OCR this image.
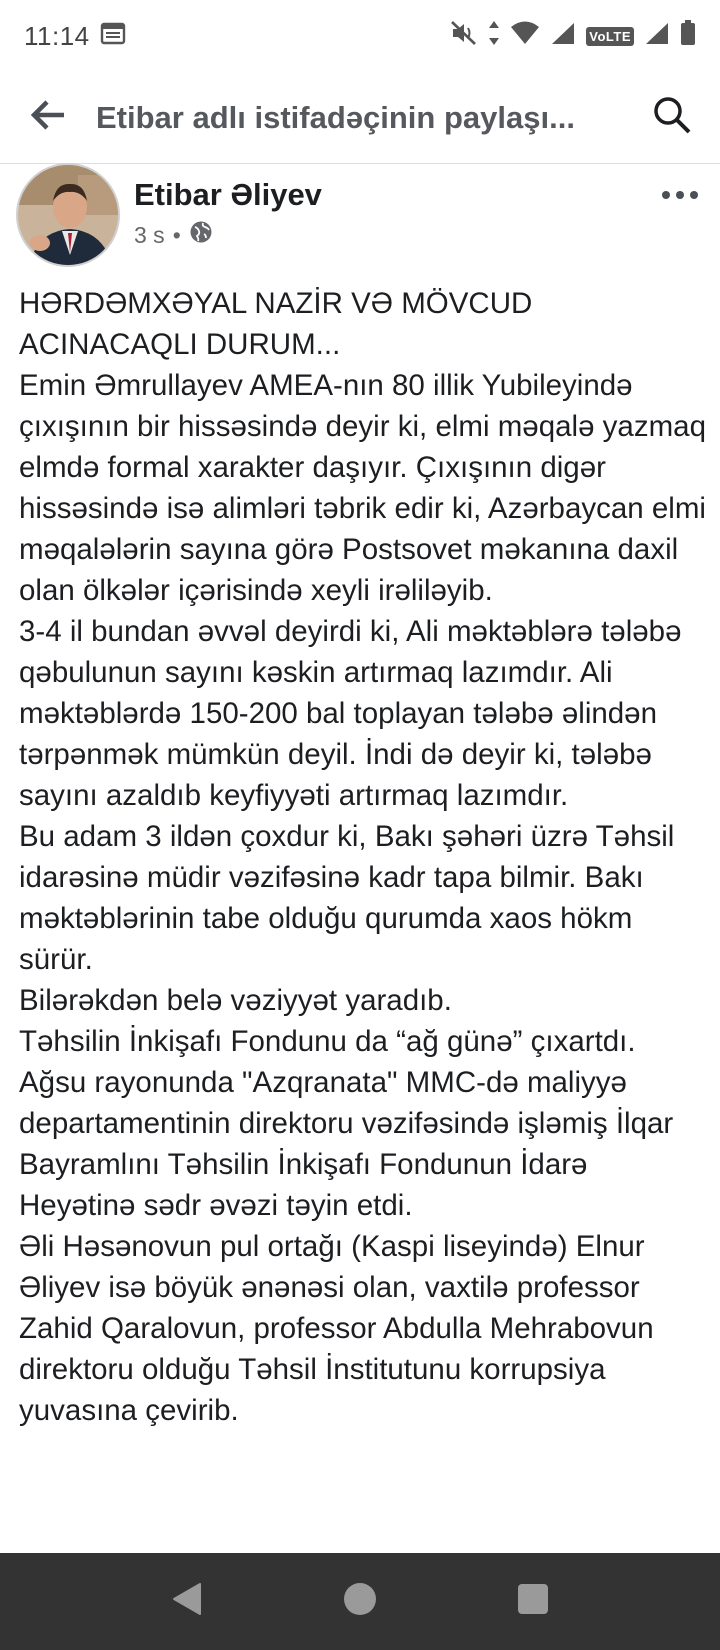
11:14	VoLTE
Etibar adlı istifadəçinin paylaşı...
Etibar Əliyev
3 s •

HƏRDƏMXƏYAL NAZİR VƏ MÖVCUD ACINACAQLI DURUM...

Emin Əmrullayev AMEA-nın 80 illik Yubileyində çıxışının bir hissəsində deyir ki, elmi məqalə yazmaq elmdə formal xarakter daşıyır. Çıxışının digər hissəsində isə alimləri təbrik edir ki, Azərbaycan elmi məqalələrin sayına görə Postsovet məkanına daxil olan ölkələr içərisində xeyli irəliləyib.

3-4 il bundan əvvəl deyirdi ki, Ali məktəblərə tələbə qəbulunun sayını kəskin artırmaq lazımdır. Ali məktəblərdə 150-200 bal toplayan tələbə əlindən tərpənmək mümkün deyil. İndi də deyir ki, tələbə sayını azaldıb keyfiyyəti artırmaq lazımdır.

Bu adam 3 ildən çoxdur ki, Bakı şəhəri üzrə Təhsil idarəsinə müdir vəzifəsinə kadr tapa bilmir. Bakı məktəblərinin tabe olduğu qurumda xaos hökm sürür.

Bilərəkdən belə vəziyyət yaradıb.

Təhsilin İnkişafı Fondunu da “ağ günə” çıxartdı. Ağsu rayonunda "Azqranata" MMC-də maliyyə departamentinin direktoru vəzifəsində işləmiş İlqar Bayramlını Təhsilin İnkişafı Fondunun İdarə Heyətinə sədr əvəzi təyin etdi.

Əli Həsənovun pul ortağı (Kaspi liseyində) Elnur Əliyev isə böyük ənənəsi olan, vaxtilə professor Zahid Qaralovun, professor Abdulla Mehrabovun direktoru olduğu Təhsil İnstitutunu korrupsiya yuvasına çevirib.
